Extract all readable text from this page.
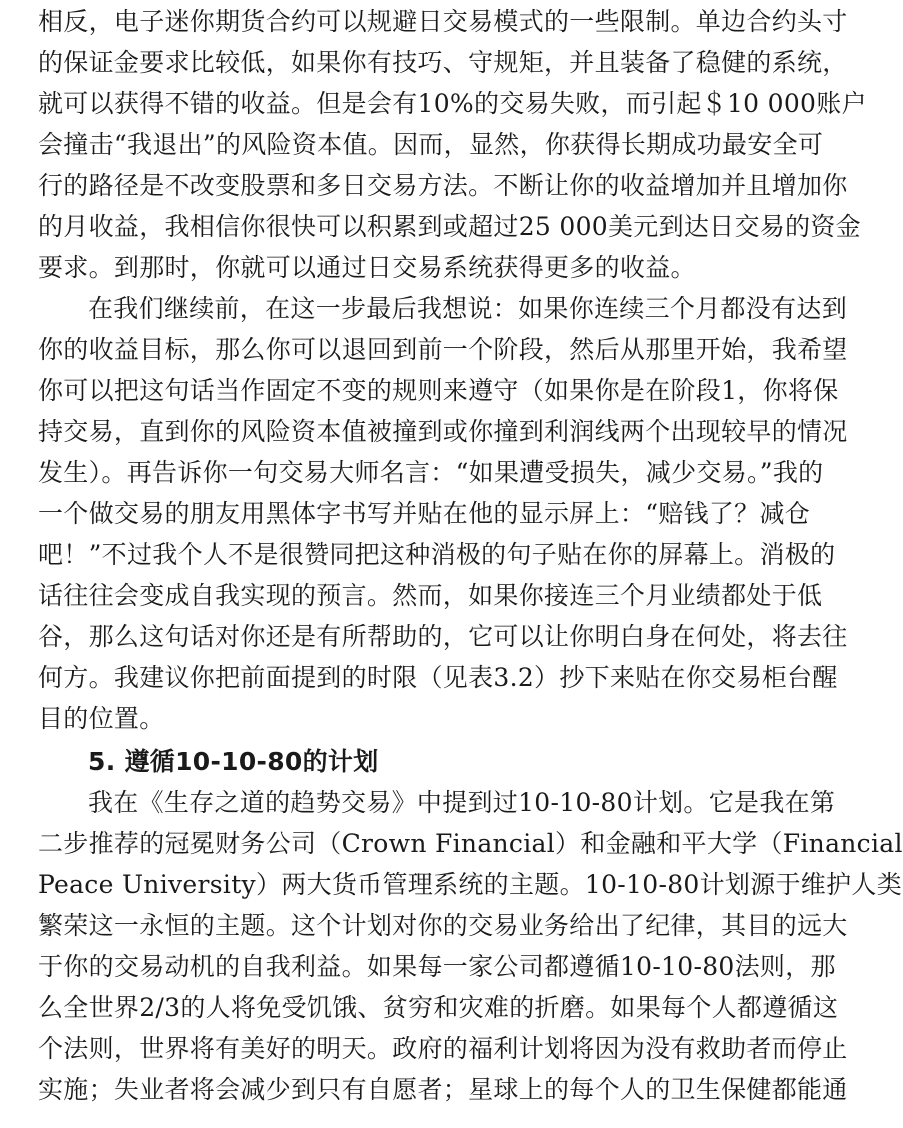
相反，电子迷你期货合约可以规避日交易模式的一些限制。单边合约头寸
的保证金要求比较低，如果你有技巧、守规矩，并且装备了稳健的系统，
就可以获得不错的收益。但是会有10%的交易失败，而引起＄10 000账户
会撞击“我退出”的风险资本值。因而，显然，你获得长期成功最安全可
行的路径是不改变股票和多日交易方法。不断让你的收益增加并且增加你
的月收益，我相信你很快可以积累到或超过25 000美元到达日交易的资金
要求。到那时，你就可以通过日交易系统获得更多的收益。
在我们继续前，在这一步最后我想说：如果你连续三个月都没有达到
你的收益目标，那么你可以退回到前一个阶段，然后从那里开始，我希望
你可以把这句话当作固定不变的规则来遵守（如果你是在阶段1，你将保
持交易，直到你的风险资本值被撞到或你撞到利润线两个出现较早的情况
发生）。再告诉你一句交易大师名言：“如果遭受损失，减少交易。”我的
一个做交易的朋友用黑体字书写并贴在他的显示屏上：“赔钱了？减仓
吧！”不过我个人不是很赞同把这种消极的句子贴在你的屏幕上。消极的
话往往会变成自我实现的预言。然而，如果你接连三个月业绩都处于低
谷，那么这句话对你还是有所帮助的，它可以让你明白身在何处，将去往
何方。我建议你把前面提到的时限（见表3.2）抄下来贴在你交易柜台醒
目的位置。
5. 遵循10-10-80的计划
我在《生存之道的趋势交易》中提到过10-10-80计划。它是我在第
二步推荐的冠冕财务公司（Crown Financial）和金融和平大学（Financial
Peace University）两大货币管理系统的主题。10-10-80计划源于维护人类
繁荣这一永恒的主题。这个计划对你的交易业务给出了纪律，其目的远大
于你的交易动机的自我利益。如果每一家公司都遵循10-10-80法则，那
么全世界2/3的人将免受饥饿、贫穷和灾难的折磨。如果每个人都遵循这
个法则，世界将有美好的明天。政府的福利计划将因为没有救助者而停止
实施；失业者将会减少到只有自愿者；星球上的每个人的卫生保健都能通
